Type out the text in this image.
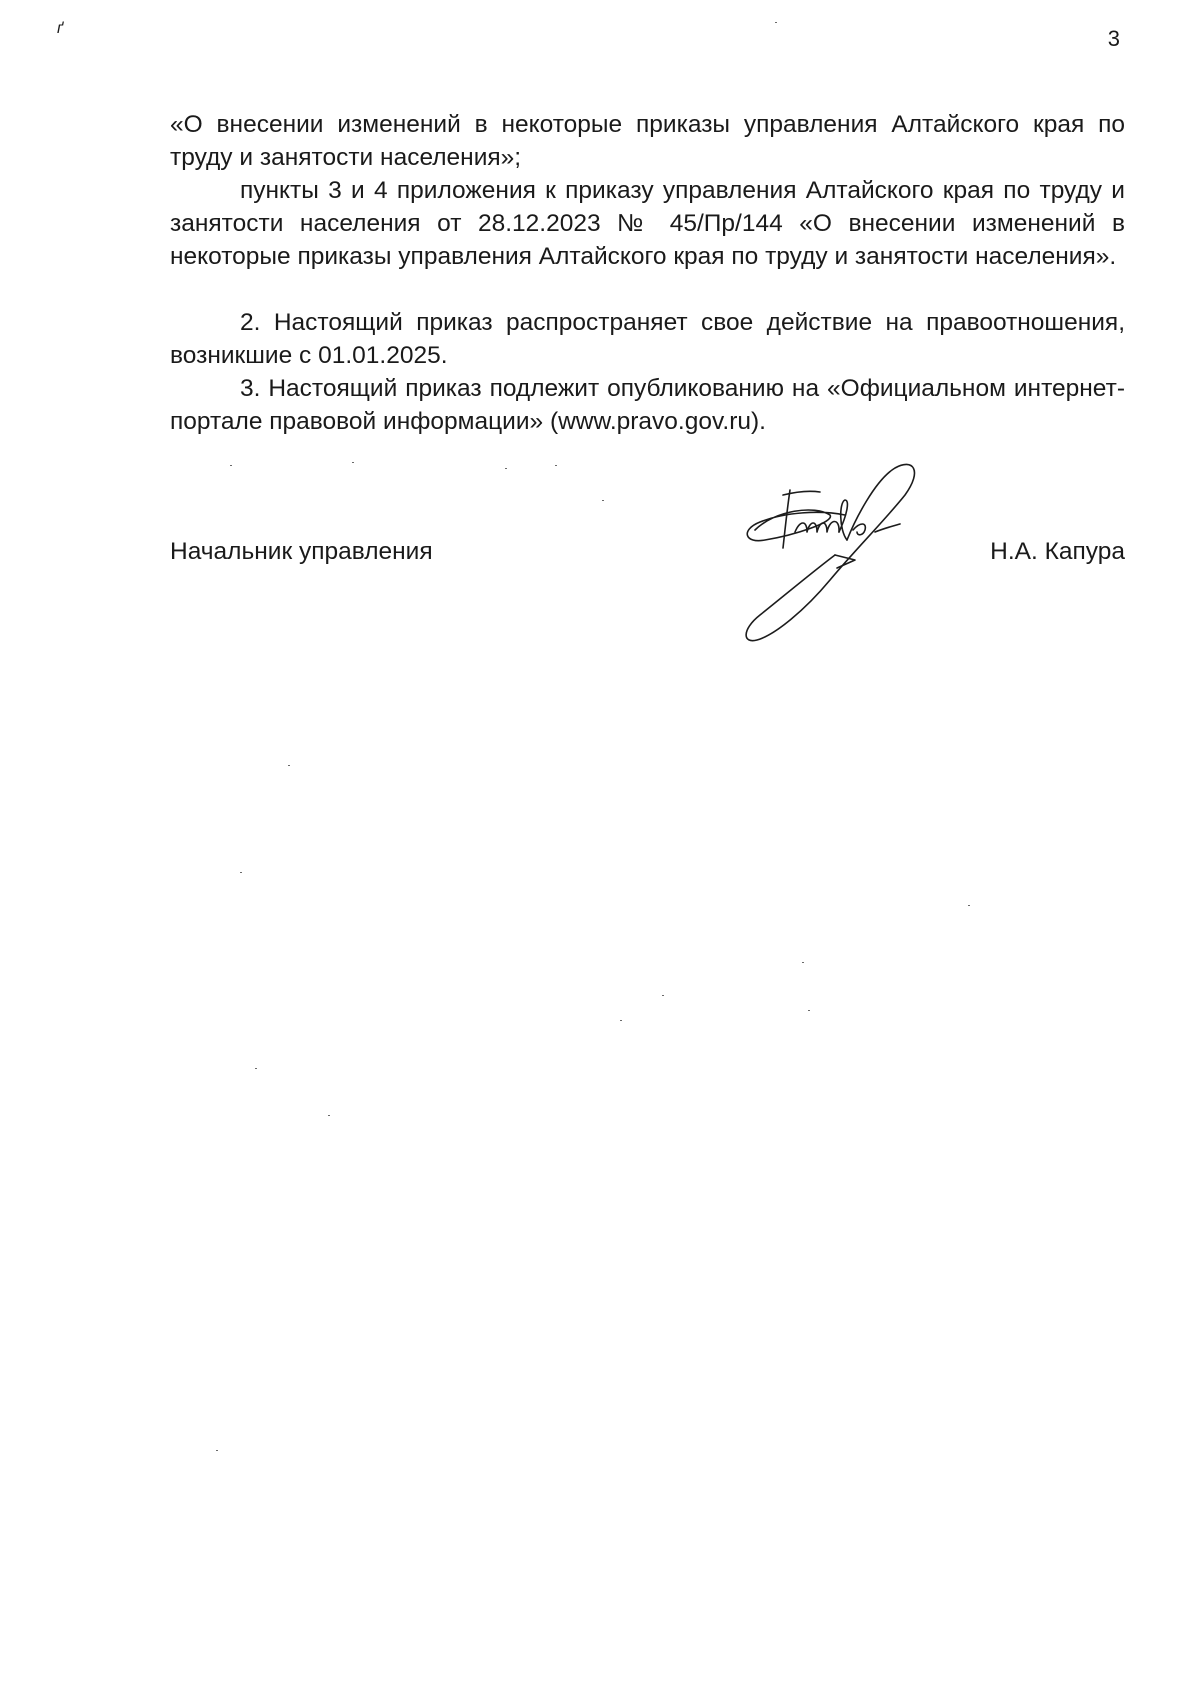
3
ґ

«О внесении изменений в некоторые приказы управления Алтайского края по труду и занятости населения»;

пункты 3 и 4 приложения к приказу управления Алтайского края по труду и занятости населения от 28.12.2023 № 45/Пр/144 «О внесении изменений в некоторые приказы управления Алтайского края по труду и занятости населения».

2. Настоящий приказ распространяет свое действие на правоотношения, возникшие с 01.01.2025.

3. Настоящий приказ подлежит опубликованию на «Официальном интернет-портале правовой информации» (www.pravo.gov.ru).

Начальник управления	Н.А. Капура
